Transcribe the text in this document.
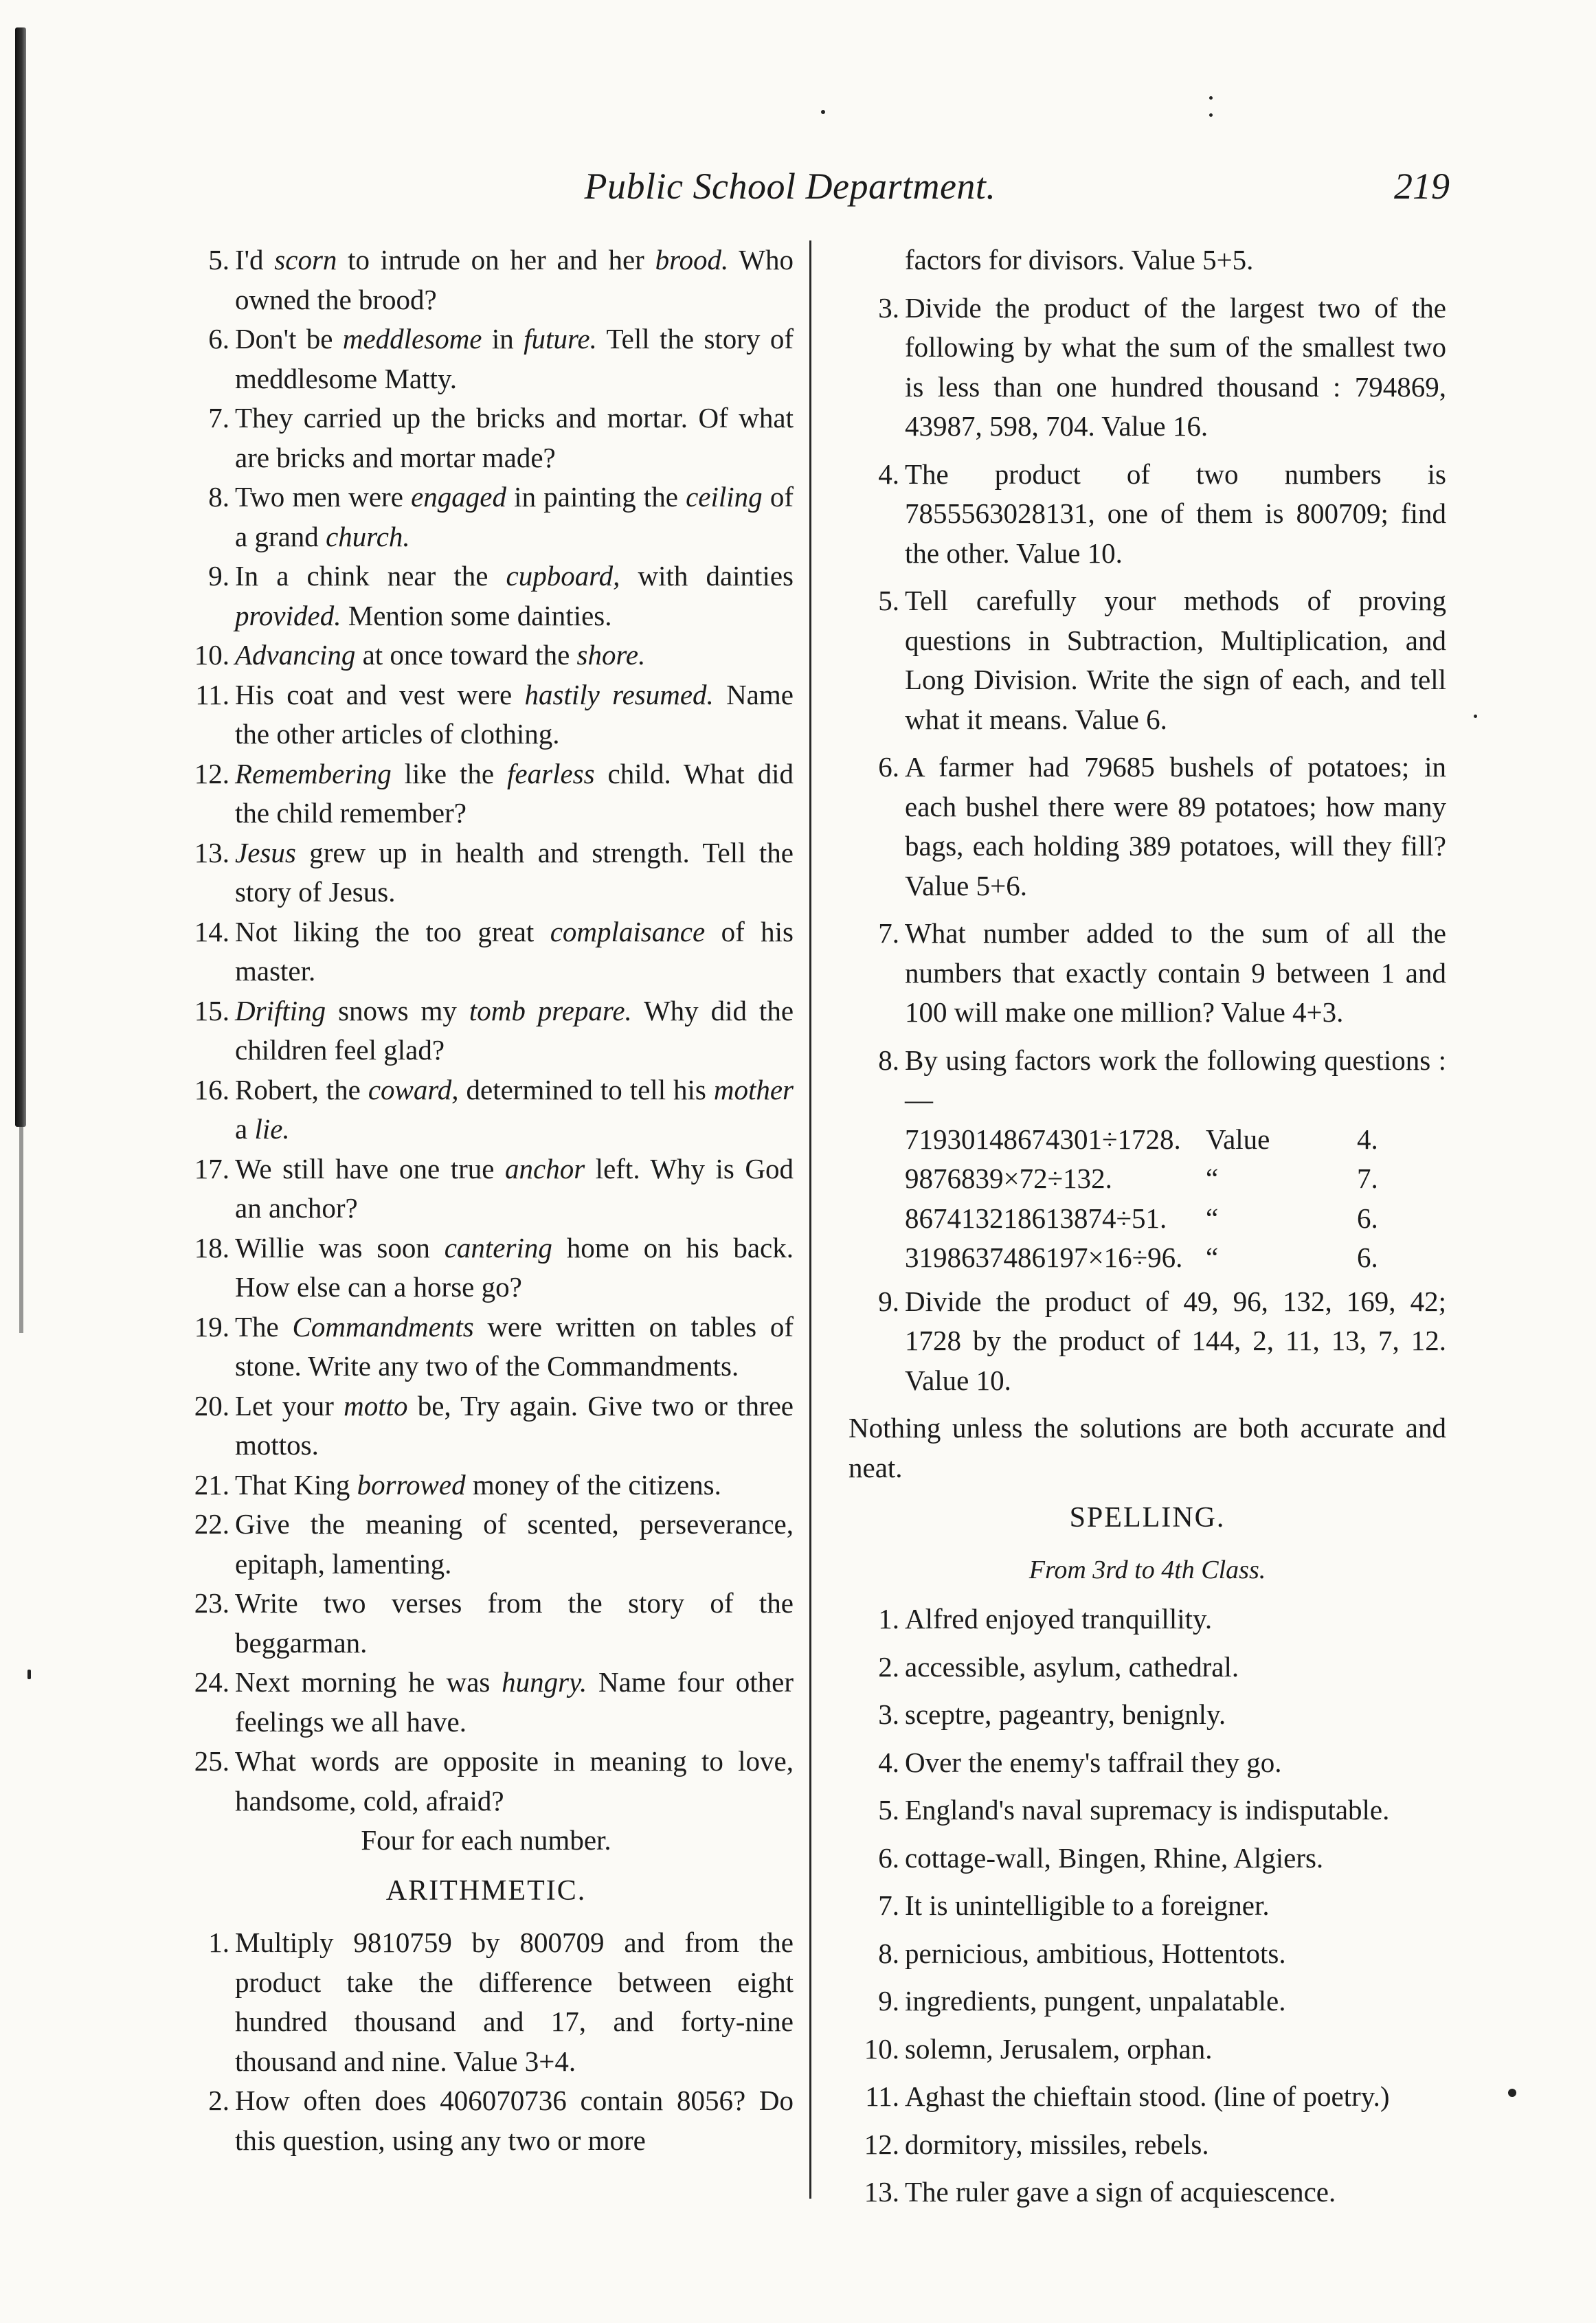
Public School Department.	219
5. I'd scorn to intrude on her and her brood. Who owned the brood?
6. Don't be meddlesome in future. Tell the story of meddlesome Matty.
7. They carried up the bricks and mortar. Of what are bricks and mortar made?
8. Two men were engaged in painting the ceiling of a grand church.
9. In a chink near the cupboard, with dainties provided. Mention some dainties.
10. Advancing at once toward the shore.
11. His coat and vest were hastily resumed. Name the other articles of clothing.
12. Remembering like the fearless child. What did the child remember?
13. Jesus grew up in health and strength. Tell the story of Jesus.
14. Not liking the too great complaisance of his master.
15. Drifting snows my tomb prepare. Why did the children feel glad?
16. Robert, the coward, determined to tell his mother a lie.
17. We still have one true anchor left. Why is God an anchor?
18. Willie was soon cantering home on his back. How else can a horse go?
19. The Commandments were written on tables of stone. Write any two of the Commandments.
20. Let your motto be, Try again. Give two or three mottos.
21. That King borrowed money of the citizens.
22. Give the meaning of scented, perseverance, epitaph, lamenting.
23. Write two verses from the story of the beggarman.
24. Next morning he was hungry. Name four other feelings we all have.
25. What words are opposite in meaning to love, handsome, cold, afraid?
Four for each number.
ARITHMETIC.
1. Multiply 9810759 by 800709 and from the product take the difference between eight hundred thousand and 17, and forty-nine thousand and nine. Value 3+4.
2. How often does 406070736 contain 8056? Do this question, using any two or more
factors for divisors. Value 5+5.
3. Divide the product of the largest two of the following by what the sum of the smallest two is less than one hundred thousand : 794869, 43987, 598, 704. Value 16.
4. The product of two numbers is 7855563028131, one of them is 800709; find the other. Value 10.
5. Tell carefully your methods of proving questions in Subtraction, Multiplication, and Long Division. Write the sign of each, and tell what it means. Value 6.
6. A farmer had 79685 bushels of potatoes; in each bushel there were 89 potatoes; how many bags, each holding 389 potatoes, will they fill? Value 5+6.
7. What number added to the sum of all the numbers that exactly contain 9 between 1 and 100 will make one million? Value 4+3.
8. By using factors work the following questions :—
71930148674301÷1728. Value	4.
9876839×72÷132.	“	7.
867413218613874÷51. “	6.
3198637486197×16÷96. “	6.
9. Divide the product of 49, 96, 132, 169, 42; 1728 by the product of 144, 2, 11, 13, 7, 12. Value 10.
Nothing unless the solutions are both accurate and neat.
SPELLING.
From 3rd to 4th Class.
1. Alfred enjoyed tranquillity.
2. accessible, asylum, cathedral.
3. sceptre, pageantry, benignly.
4. Over the enemy's taffrail they go.
5. England's naval supremacy is indisputable.
6. cottage-wall, Bingen, Rhine, Algiers.
7. It is unintelligible to a foreigner.
8. pernicious, ambitious, Hottentots.
9. ingredients, pungent, unpalatable.
10. solemn, Jerusalem, orphan.
11. Aghast the chieftain stood. (line of poetry.)
12. dormitory, missiles, rebels.
13. The ruler gave a sign of acquiescence.
